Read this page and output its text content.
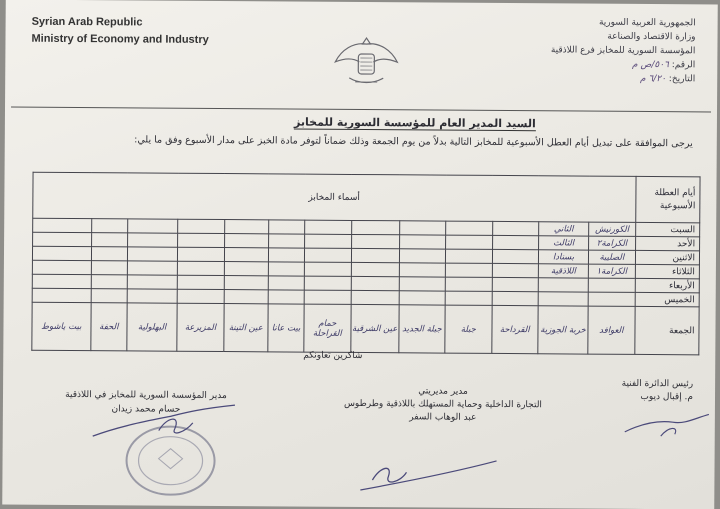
Syrian Arab Republic
Ministry of Economy and Industry
الجمهورية العربية السورية
وزارة الاقتصاد والصناعة
المؤسسة السورية للمخابز فرع اللاذقية
الرقم: ٥٠٦/ص م
التاريخ: ٦/٢٠ م
السيد المدير العام للمؤسسة السورية للمخابز
يرجى الموافقة على تبديل أيام العطل الأسبوعية للمخابز التالية بدلاً من يوم الجمعة وذلك ضماناً لتوفر مادة الخبز على مدار الأسبوع وفق ما يلي:
أيام العطلة الأسبوعية	أسماء المخابز												
السبت	الكورنيش	الثاني											
الأحد	الكرامة٢	الثالث											
الاثنين	الصليبة	بسنادا											
الثلاثاء	الكرامة١	اللاذقية											
الأربعاء													
الخميس													
الجمعة	العوافد	خربة الجوزية	القرداحة	جبلة	جبلة الجديد	عين الشرقية	حمام القراحلة	بيت عانا	عين التينة	المزيرعة	البهلولية	الحفة	بيت ياشوط
شاكرين تعاونكم
مدير المؤسسة السورية للمخابز في اللاذقية
حسام محمد زيدان
مدير مديريتي
التجارة الداخلية وحماية المستهلك باللاذقية وطرطوس
عبد الوهاب السفر
رئيس الدائرة الفنية
م. إقبال ديوب
